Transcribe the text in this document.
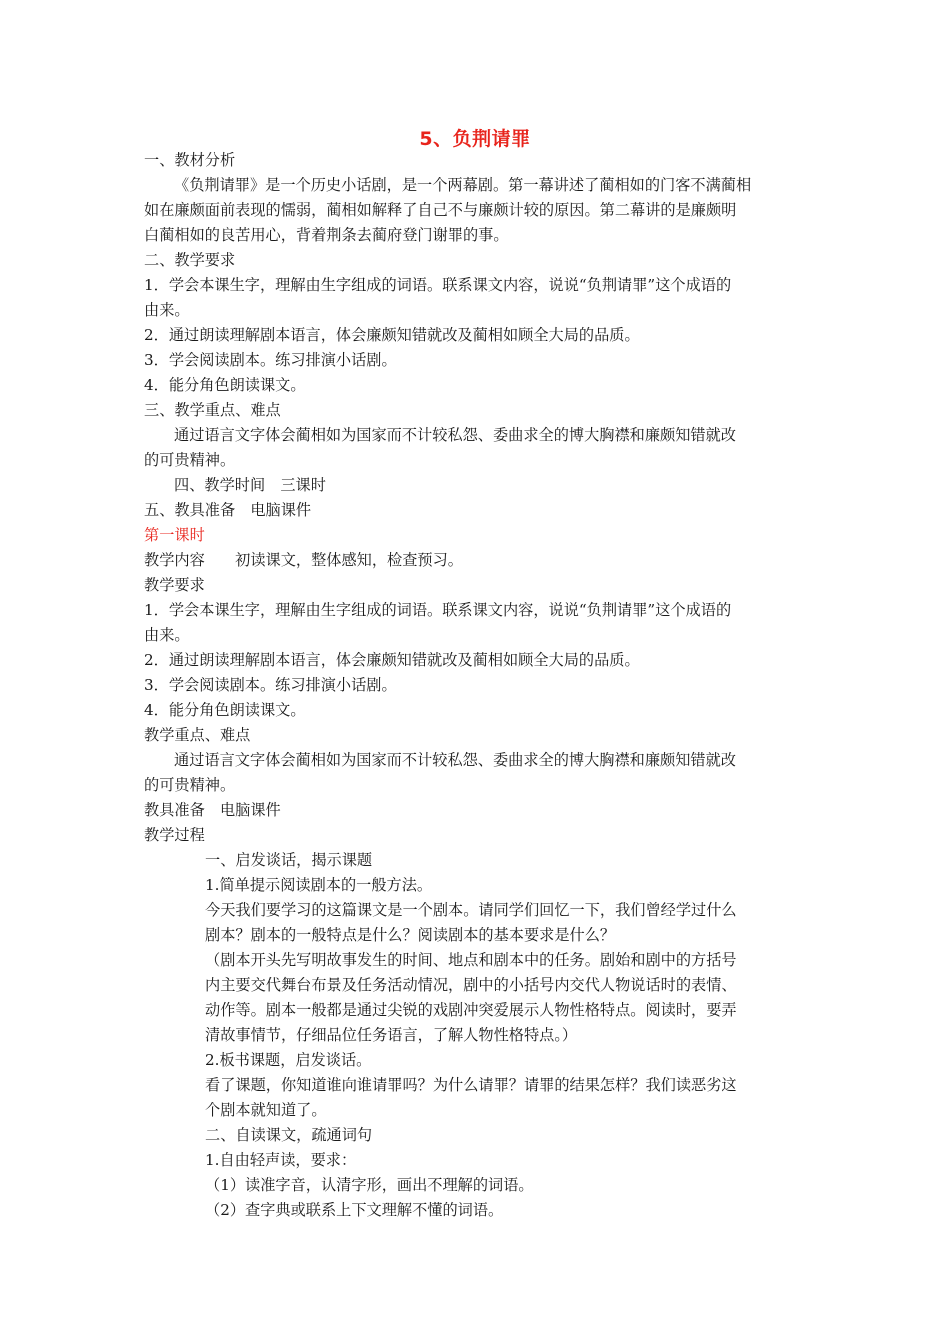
5、负荆请罪
一、教材分析
《负荆请罪》是一个历史小话剧，是一个两幕剧。第一幕讲述了蔺相如的门客不满蔺相
如在廉颇面前表现的懦弱，蔺相如解释了自己不与廉颇计较的原因。第二幕讲的是廉颇明
白蔺相如的良苦用心，背着荆条去蔺府登门谢罪的事。
二、教学要求
1．学会本课生字，理解由生字组成的词语。联系课文内容，说说“负荆请罪”这个成语的
由来。
2．通过朗读理解剧本语言，体会廉颇知错就改及蔺相如顾全大局的品质。
3．学会阅读剧本。练习排演小话剧。
4．能分角色朗读课文。
三、教学重点、难点
通过语言文字体会蔺相如为国家而不计较私怨、委曲求全的博大胸襟和廉颇知错就改
的可贵精神。
四、教学时间　三课时
五、教具准备　电脑课件
第一课时
教学内容　　初读课文，整体感知，检查预习。
教学要求
1．学会本课生字，理解由生字组成的词语。联系课文内容，说说“负荆请罪”这个成语的
由来。
2．通过朗读理解剧本语言，体会廉颇知错就改及蔺相如顾全大局的品质。
3．学会阅读剧本。练习排演小话剧。
4．能分角色朗读课文。
教学重点、难点
通过语言文字体会蔺相如为国家而不计较私怨、委曲求全的博大胸襟和廉颇知错就改
的可贵精神。
教具准备　电脑课件
教学过程
一、启发谈话，揭示课题
1.简单提示阅读剧本的一般方法。
今天我们要学习的这篇课文是一个剧本。请同学们回忆一下，我们曾经学过什么
剧本？剧本的一般特点是什么？阅读剧本的基本要求是什么？
（剧本开头先写明故事发生的时间、地点和剧本中的任务。剧始和剧中的方括号
内主要交代舞台布景及任务活动情况，剧中的小括号内交代人物说话时的表情、
动作等。剧本一般都是通过尖锐的戏剧冲突爱展示人物性格特点。阅读时，要弄
清故事情节，仔细品位任务语言，了解人物性格特点。）
2.板书课题，启发谈话。
看了课题，你知道谁向谁请罪吗？为什么请罪？请罪的结果怎样？我们读恶劣这
个剧本就知道了。
二、自读课文，疏通词句
1.自由轻声读，要求：
（1）读准字音，认清字形，画出不理解的词语。
（2）查字典或联系上下文理解不懂的词语。
